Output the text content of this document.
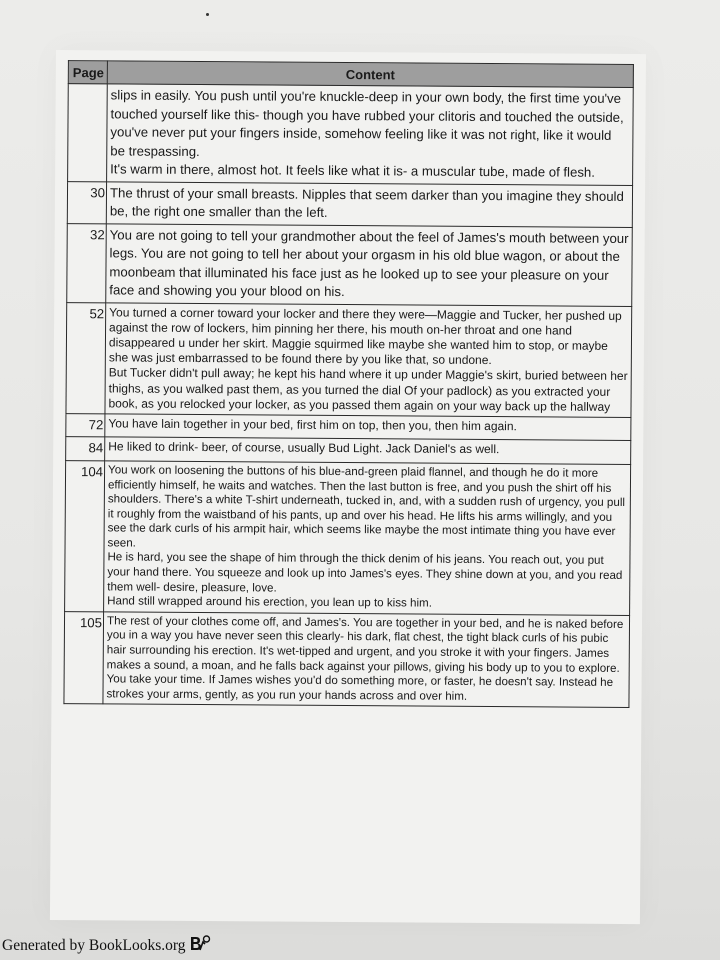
Page	Content

	slips in easily. You push until you're knuckle-deep in your own body, the first time you've touched yourself like this- though you have rubbed your clitoris and touched the outside, you've never put your fingers inside, somehow feeling like it was not right, like it would be trespassing.

It's warm in there, almost hot. It feels like what it is- a muscular tube, made of flesh.

30	The thrust of your small breasts. Nipples that seem darker than you imagine they should be, the right one smaller than the left.

32	You are not going to tell your grandmother about the feel of James's mouth between your legs. You are not going to tell her about your orgasm in his old blue wagon, or about the moonbeam that illuminated his face just as he looked up to see your pleasure on your face and showing you your blood on his.

52	You turned a corner toward your locker and there they were—Maggie and Tucker, her pushed up against the row of lockers, him pinning her there, his mouth on-her throat and one hand disappeared u under her skirt. Maggie squirmed like maybe she wanted him to stop, or maybe she was just embarrassed to be found there by you like that, so undone.

But Tucker didn't pull away; he kept his hand where it up under Maggie's skirt, buried between her thighs, as you walked past them, as you turned the dial Of your padlock) as you extracted your book, as you relocked your locker, as you passed them again on your way back up the hallway

72	You have lain together in your bed, first him on top, then you, then him again.

84	He liked to drink- beer, of course, usually Bud Light. Jack Daniel's as well.

104	You work on loosening the buttons of his blue-and-green plaid flannel, and though he do it more efficiently himself, he waits and watches. Then the last button is free, and you push the shirt off his shoulders. There's a white T-shirt underneath, tucked in, and, with a sudden rush of urgency, you pull it roughly from the waistband of his pants, up and over his head. He lifts his arms willingly, and you see the dark curls of his armpit hair, which seems like maybe the most intimate thing you have ever seen.

He is hard, you see the shape of him through the thick denim of his jeans. You reach out, you put your hand there. You squeeze and look up into James's eyes. They shine down at you, and you read them well- desire, pleasure, love.

Hand still wrapped around his erection, you lean up to kiss him.

105	The rest of your clothes come off, and James's. You are together in your bed, and he is naked before you in a way you have never seen this clearly- his dark, flat chest, the tight black curls of his pubic hair surrounding his erection. It's wet-tipped and urgent, and you stroke it with your fingers. James makes a sound, a moan, and he falls back against your pillows, giving his body up to you to explore. You take your time. If James wishes you'd do something more, or faster, he doesn't say. Instead he strokes your arms, gently, as you run your hands across and over him.

Generated by BookLooks.org
